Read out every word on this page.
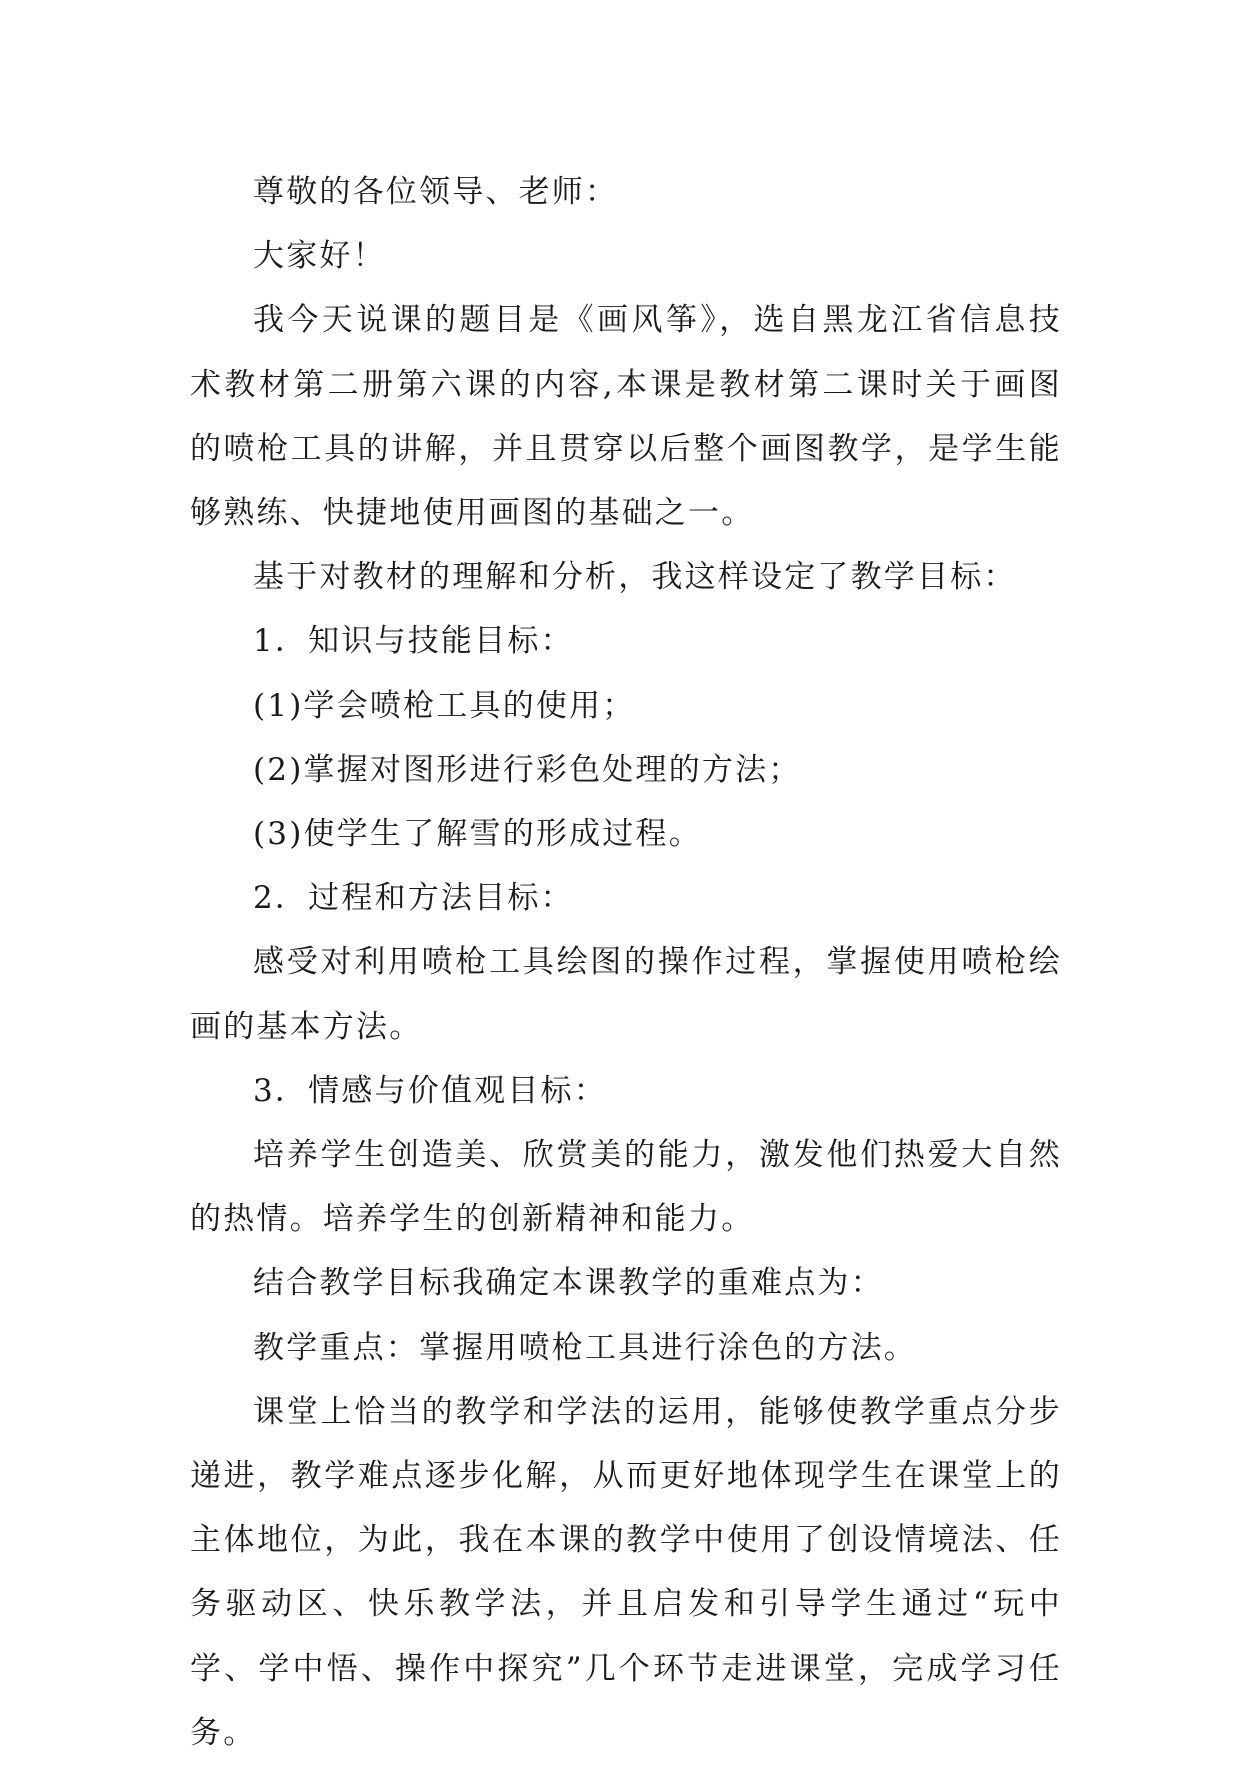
尊敬的各位领导、老师：

大家好！

我今天说课的题目是《画风筝》，选自黑龙江省信息技术教材第二册第六课的内容,本课是教材第二课时关于画图的喷枪工具的讲解，并且贯穿以后整个画图教学，是学生能够熟练、快捷地使用画图的基础之一。

基于对教材的理解和分析，我这样设定了教学目标：

1．知识与技能目标：

(1)学会喷枪工具的使用；

(2)掌握对图形进行彩色处理的方法；

(3)使学生了解雪的形成过程。

2．过程和方法目标：

感受对利用喷枪工具绘图的操作过程，掌握使用喷枪绘画的基本方法。

3．情感与价值观目标：

培养学生创造美、欣赏美的能力，激发他们热爱大自然的热情。培养学生的创新精神和能力。

结合教学目标我确定本课教学的重难点为：

教学重点：掌握用喷枪工具进行涂色的方法。

课堂上恰当的教学和学法的运用，能够使教学重点分步递进，教学难点逐步化解，从而更好地体现学生在课堂上的主体地位，为此，我在本课的教学中使用了创设情境法、任务驱动区、快乐教学法，并且启发和引导学生通过“玩中学、学中悟、操作中探究”几个环节走进课堂，完成学习任务。
